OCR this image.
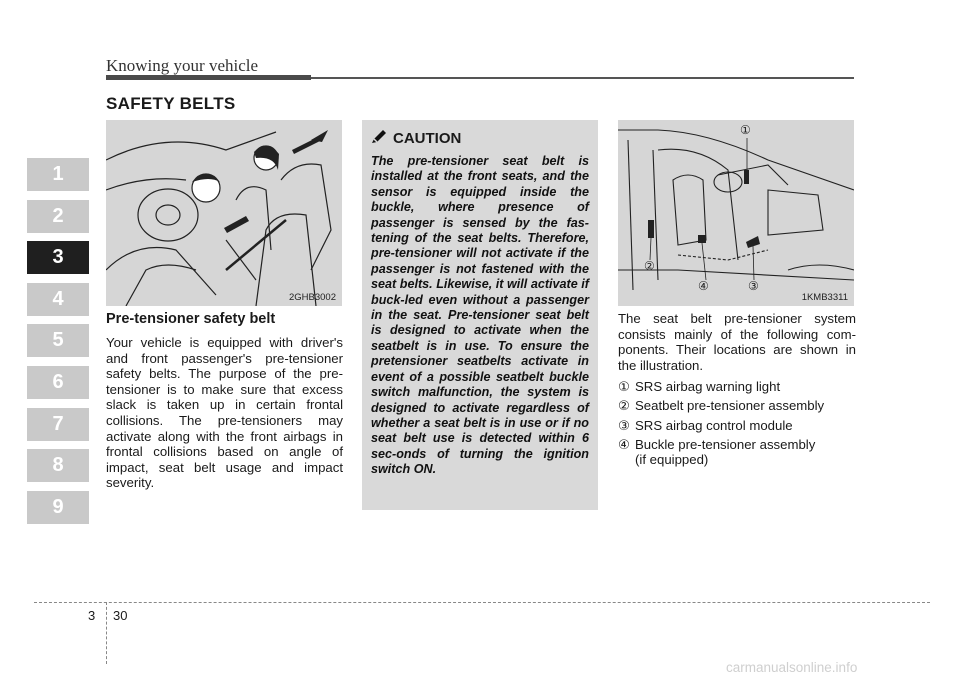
Knowing your vehicle
SAFETY BELTS
1
2
3
4
5
6
7
8
9
2GHB3002
Pre-tensioner safety belt
Your vehicle is equipped with driver's and front passenger's pre-tensioner safety belts. The purpose of the pre-tensioner is to make sure that excess slack is taken up in certain frontal collisions. The pre-tensioners may activate along with the front airbags in frontal collisions based on angle of impact, seat belt usage and impact severity.
CAUTION
The pre-tensioner seat belt is installed at the front seats, and the sensor is equipped inside the buckle, where presence of passenger is sensed by the fas-tening of the seat belts. Therefore, pre-tensioner will not activate if the passenger is not fastened with the seat belts. Likewise, it will activate if buck-led even without a passenger in the seat. Pre-tensioner seat belt is designed to activate when the seatbelt is in use. To ensure the pretensioner seatbelts activate in event of a possible seatbelt buckle switch malfunction, the system is designed to activate regardless of whether a seat belt is in use or if no seat belt use is detected within 6 sec-onds of turning the ignition switch ON.
①
②
③
④
1KMB3311
The seat belt pre-tensioner system consists mainly of the following com-ponents. Their locations are shown in the illustration.
① SRS airbag warning light
② Seatbelt pre-tensioner assembly
③ SRS airbag control module
④ Buckle pre-tensioner assembly
(if equipped)
3 30
carmanualsonline.info
